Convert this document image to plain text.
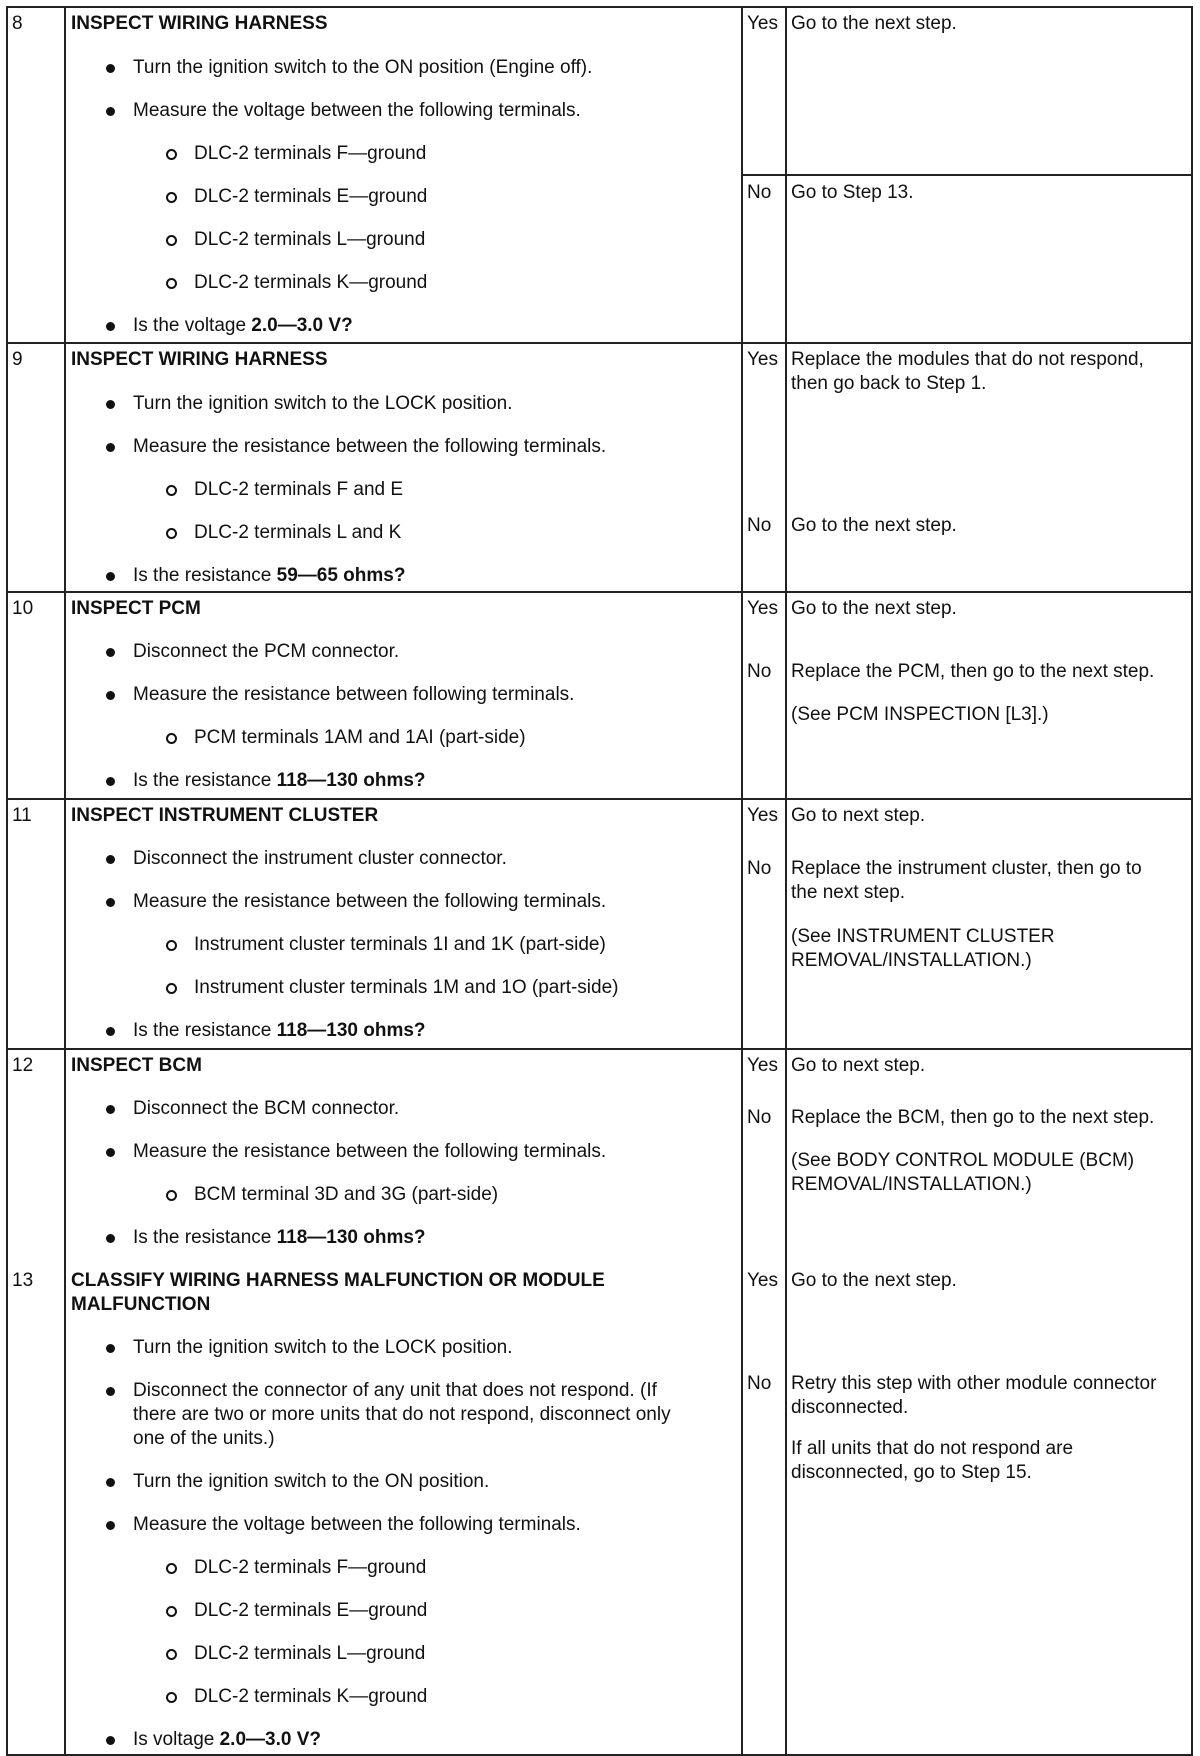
8	INSPECT WIRING HARNESS
Turn the ignition switch to the ON position (Engine off).
Measure the voltage between the following terminals.
DLC-2 terminals F—ground
DLC-2 terminals E—ground
DLC-2 terminals L—ground
DLC-2 terminals K—ground
Is the voltage 2.0—3.0 V?
Yes Go to the next step.
No Go to Step 13.
9	INSPECT WIRING HARNESS
Turn the ignition switch to the LOCK position.
Measure the resistance between the following terminals.
DLC-2 terminals F and E
DLC-2 terminals L and K
Is the resistance 59—65 ohms?
Yes Replace the modules that do not respond, then go back to Step 1.
No Go to the next step.
10 INSPECT PCM
Disconnect the PCM connector.
Measure the resistance between following terminals.
PCM terminals 1AM and 1AI (part-side)
Is the resistance 118—130 ohms?
Yes Go to the next step.
No Replace the PCM, then go to the next step.
(See PCM INSPECTION [L3].)
11 INSPECT INSTRUMENT CLUSTER
Disconnect the instrument cluster connector.
Measure the resistance between the following terminals.
Instrument cluster terminals 1I and 1K (part-side)
Instrument cluster terminals 1M and 1O (part-side)
Is the resistance 118—130 ohms?
Yes Go to next step.
No Replace the instrument cluster, then go to the next step.
(See INSTRUMENT CLUSTER REMOVAL/INSTALLATION.)
12 INSPECT BCM
Disconnect the BCM connector.
Measure the resistance between the following terminals.
BCM terminal 3D and 3G (part-side)
Is the resistance 118—130 ohms?
Yes Go to next step.
No Replace the BCM, then go to the next step.
(See BODY CONTROL MODULE (BCM) REMOVAL/INSTALLATION.)
13 CLASSIFY WIRING HARNESS MALFUNCTION OR MODULE MALFUNCTION
Turn the ignition switch to the LOCK position.
Disconnect the connector of any unit that does not respond. (If there are two or more units that do not respond, disconnect only one of the units.)
Turn the ignition switch to the ON position.
Measure the voltage between the following terminals.
DLC-2 terminals F—ground
DLC-2 terminals E—ground
DLC-2 terminals L—ground
DLC-2 terminals K—ground
Is voltage 2.0—3.0 V?
Yes Go to the next step.
No Retry this step with other module connector disconnected.
If all units that do not respond are disconnected, go to Step 15.
